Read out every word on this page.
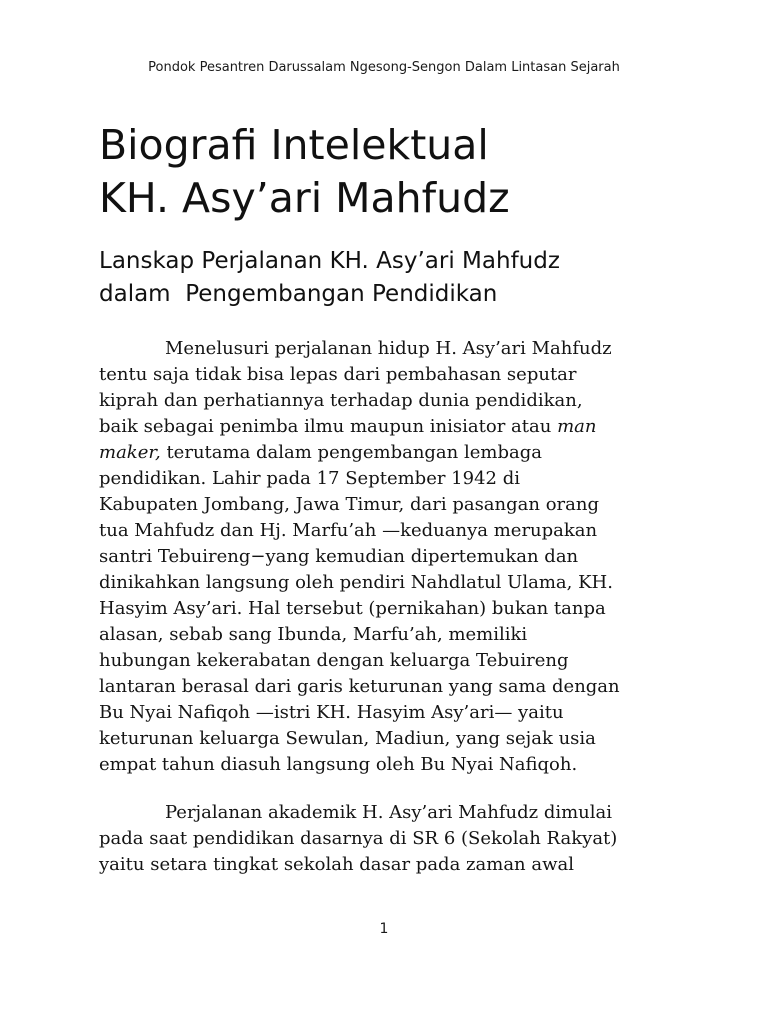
Pondok Pesantren Darussalam Ngesong-Sengon Dalam Lintasan Sejarah
Biografi Intelektual
KH. Asy’ari Mahfudz
Lanskap Perjalanan KH. Asy’ari Mahfudz
dalam  Pengembangan Pendidikan
Menelusuri perjalanan hidup H. Asy’ari Mahfudz
tentu saja tidak bisa lepas dari pembahasan seputar
kiprah dan perhatiannya terhadap dunia pendidikan,
baik sebagai penimba ilmu maupun inisiator atau man
maker, terutama dalam pengembangan lembaga
pendidikan. Lahir pada 17 September 1942 di
Kabupaten Jombang, Jawa Timur, dari pasangan orang
tua Mahfudz dan Hj. Marfu’ah —keduanya merupakan
santri Tebuireng−yang kemudian dipertemukan dan
dinikahkan langsung oleh pendiri Nahdlatul Ulama, KH.
Hasyim Asy’ari. Hal tersebut (pernikahan) bukan tanpa
alasan, sebab sang Ibunda, Marfu’ah, memiliki
hubungan kekerabatan dengan keluarga Tebuireng
lantaran berasal dari garis keturunan yang sama dengan
Bu Nyai Nafiqoh —istri KH. Hasyim Asy’ari— yaitu
keturunan keluarga Sewulan, Madiun, yang sejak usia
empat tahun diasuh langsung oleh Bu Nyai Nafiqoh.
Perjalanan akademik H. Asy’ari Mahfudz dimulai
pada saat pendidikan dasarnya di SR 6 (Sekolah Rakyat)
yaitu setara tingkat sekolah dasar pada zaman awal
1
